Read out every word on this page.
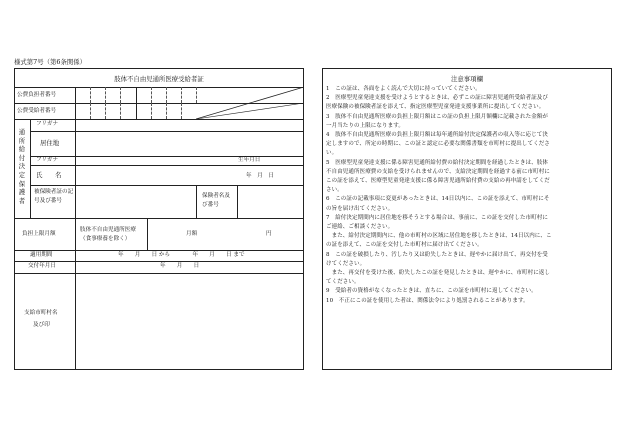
様式第7号（第6条関係）
肢体不自由児通所医療受給者証
公費負担者番号
公費受給者番号
通所給付決定保護者
フリガナ
居住地
フリガナ	生年月日
氏　　名	年　月　日
被保険者証の記号及び番号
保険者名及び番号
負担上限月額
肢体不自由児通所医療（食事療養を除く）
月額	円
適用期間	年　　月　　日 から　　　　年　　月　　日 まで
交付年月日	年　　月　　日
支給市町村名
及び印
注意事項欄
1　この証は、各面をよく読んで大切に持っていてください。
2　医療型児童発達支援を受けようとするときは、必ずこの証に障害児通所受給者証及び
医療保険の被保険者証を添えて、指定医療型児童発達支援事業所に提出してください。
3　肢体不自由児通所医療の負担上限月額はこの証の負担上限月額欄に記載された金額が
一月当たりの上限になります。
4　肢体不自由児通所医療の負担上限月額は毎年通所給付決定保護者の収入等に応じて決
定しますので、所定の時期に、この証と認定に必要な関係書類を市町村に提出してくださ
い。
5　医療型児童発達支援に係る障害児通所給付費の給付決定期間を経過したときは、肢体
不自由児通所医療費の支給を受けられませんので、支給決定期間を経過する前に市町村に
この証を添えて、医療型児童発達支援に係る障害児通所給付費の支給の再申請をしてくだ
さい。
6　この証の記載事項に変更があったときは、14日以内に、この証を添えて、市町村にそ
の旨を届け出てください。
7　給付決定期間内に居住地を移そうとする場合は、事前に、この証を交付した市町村に
ご連絡、ご相談ください。
　また、給付決定期間内に、他の市町村の区域に居住地を移したときは、14日以内に、こ
の証を添えて、この証を交付した市町村に届け出てください。
8　この証を破損したり、汚したり又は紛失したときは、遅やかに届け出て、再交付を受
けてください。
　また、再交付を受けた後、紛失したこの証を発見したときは、遅やかに、市町村に返し
てください。
9　受給者の資格がなくなったときは、直ちに、この証を市町村に返してください。
10　不正にこの証を使用した者は、関係法令により処罰されることがあります。
